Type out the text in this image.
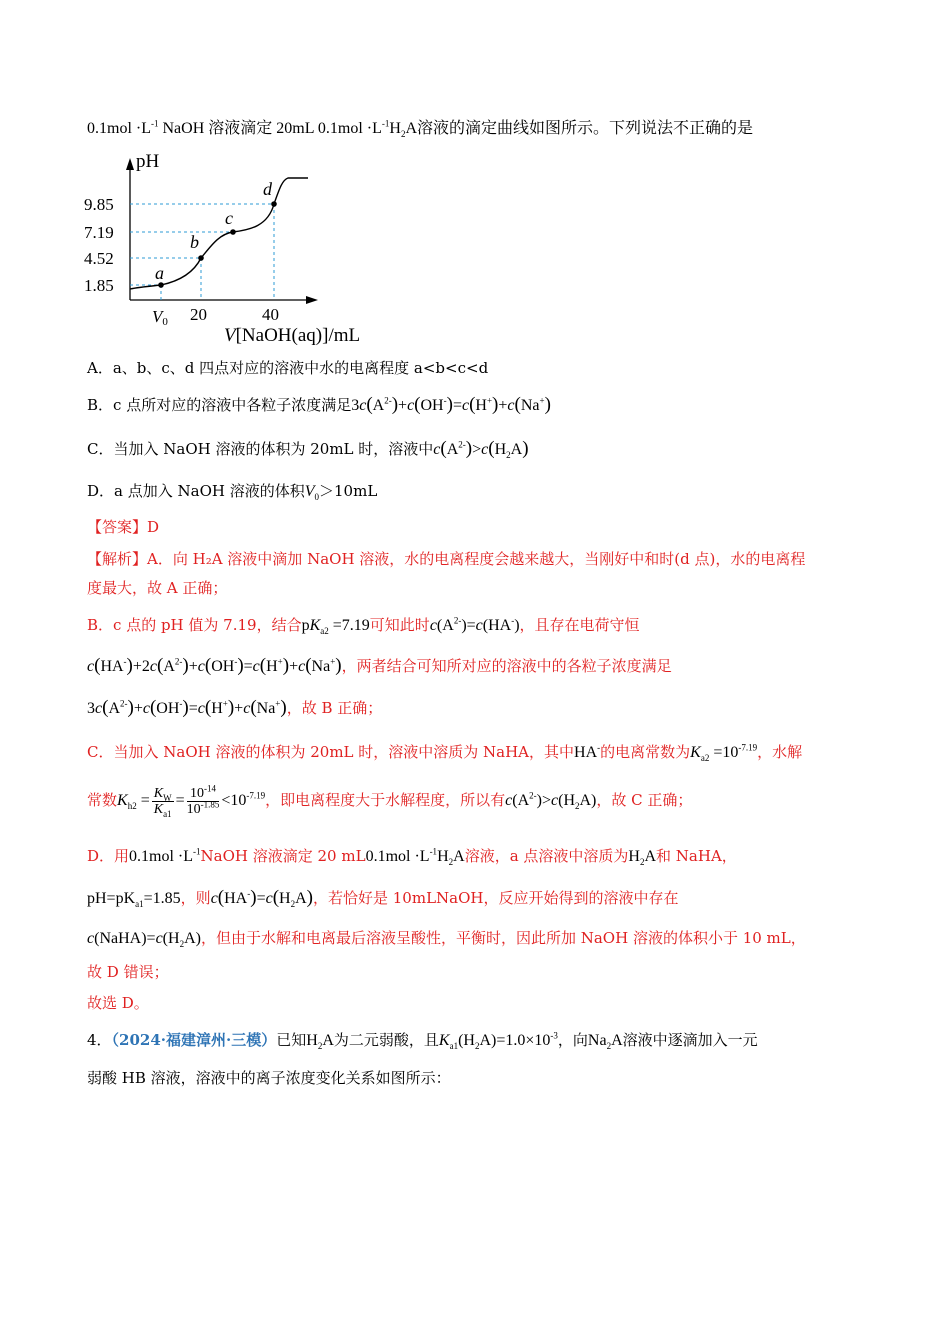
$0.1mol \cdot L^{-1}$ NaOH 溶液滴定 20mL $0.1mol \cdot L^{-1}H_2A$溶液的滴定曲线如图所示。下列说法不正确的是
9.85
7.19
4.52
1.85
V0 20	40
a
b
c
d
pH
V[NaOH(aq)]/mL
A．a、b、c、d 四点对应的溶液中水的电离程度 a<b<c<d
B．c 点所对应的溶液中各粒子浓度满足$3c(A^{2-})+c(OH^-)=c(H^+)+c(Na^+)$
C．当加入 NaOH 溶液的体积为 20mL 时，溶液中$c(A^{2-})>c(H_2A)$
D．a 点加入 NaOH 溶液的体积$V_0>10mL$
【答案】D
【解析】A．向 H₂A 溶液中滴加 NaOH 溶液，水的电离程度会越来越大，当刚好中和时(d 点)，水的电离程
度最大，故 A 正确；
B．c 点的 pH 值为 7.19，结合$pK_{a2} =7.19$可知此时$c(A^{2-})=c(HA^-)$，且存在电荷守恒
$c(HA^-)+2c(A^{2-})+c(OH^-)=c(H^+)+c(Na^+)$，两者结合可知所对应的溶液中的各粒子浓度满足
$3c(A^{2-})+c(OH^-)=c(H^+)+c(Na^+)$，故 B 正确；
C．当加入 NaOH 溶液的体积为 20mL 时，溶液中溶质为 NaHA，其中HA-的电离常数为$K_{a2} =10^{-7.19}$，水解
常数$K_{h2} = \frac{K_W}{K_{a1}} = \frac{10^{-14}}{10^{-1.85}} <10^{-7.19}$，即电离程度大于水解程度，所以有$c(A^{2-})>c(H_2A)$，故 C 正确；
D．用$0.1mol \cdot L^{-1}NaOH$ 溶液滴定 20 $mL0.1mol \cdot L^{-1}H_2A$溶液，a 点溶液中溶质为$H_2A$和 NaHA，
$pH=pK_{a1}=1.85$，则$c(HA^-)=c(H_2A)$，若恰好是 10mLNaOH，反应开始得到的溶液中存在
$c(NaHA)=c(H_2A)$，但由于水解和电离最后溶液呈酸性，平衡时，因此所加 NaOH 溶液的体积小于 10 mL，
故 D 错误；
故选 D。
4．（2024·福建漳州·三模）已知$H_2A$为二元弱酸，且$K_{a1}(H_2A)=1.0\times 10^{-3}$，向$Na_2A$溶液中逐滴加入一元
弱酸 HB 溶液，溶液中的离子浓度变化关系如图所示：
